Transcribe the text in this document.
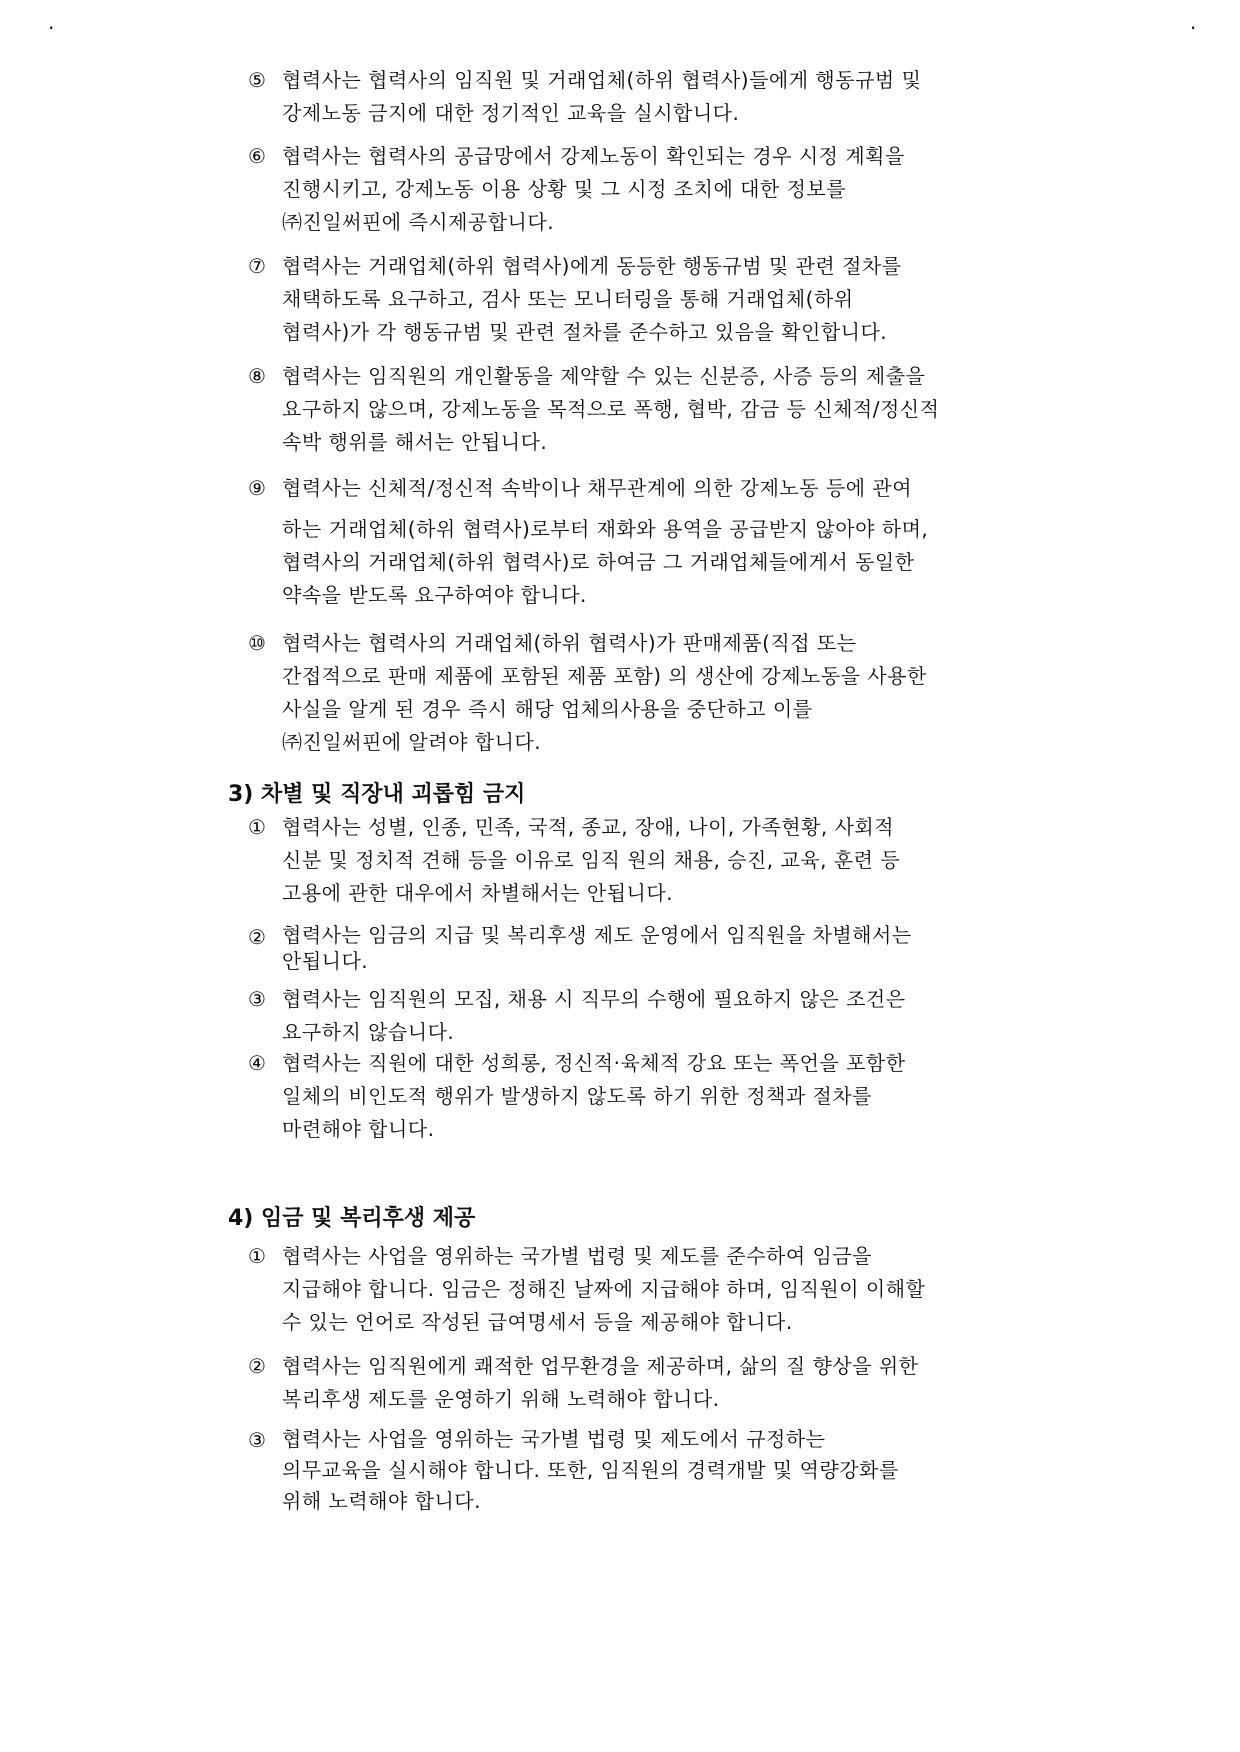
.	.
⑤ 협력사는 협력사의 임직원 및 거래업체(하위 협력사)들에게 행동규범 및
강제노동 금지에 대한 정기적인 교육을 실시합니다.
⑥ 협력사는 협력사의 공급망에서 강제노동이 확인되는 경우 시정 계획을
진행시키고, 강제노동 이용 상황 및 그 시정 조치에 대한 정보를
㈜진일써핀에 즉시제공합니다.
⑦ 협력사는 거래업체(하위 협력사)에게 동등한 행동규범 및 관련 절차를
채택하도록 요구하고, 검사 또는 모니터링을 통해 거래업체(하위
협력사)가 각 행동규범 및 관련 절차를 준수하고 있음을 확인합니다.
⑧ 협력사는 임직원의 개인활동을 제약할 수 있는 신분증, 사증 등의 제출을
요구하지 않으며, 강제노동을 목적으로 폭행, 협박, 감금 등 신체적/정신적
속박 행위를 해서는 안됩니다.
⑨ 협력사는 신체적/정신적 속박이나 채무관계에 의한 강제노동 등에 관여
하는 거래업체(하위 협력사)로부터 재화와 용역을 공급받지 않아야 하며,
협력사의 거래업체(하위 협력사)로 하여금 그 거래업체들에게서 동일한
약속을 받도록 요구하여야 합니다.
⑩ 협력사는 협력사의 거래업체(하위 협력사)가 판매제품(직접 또는
간접적으로 판매 제품에 포함된 제품 포함) 의 생산에 강제노동을 사용한
사실을 알게 된 경우 즉시 해당 업체의사용을 중단하고 이를
㈜진일써핀에 알려야 합니다.
3) 차별 및 직장내 괴롭힘 금지
① 협력사는 성별, 인종, 민족, 국적, 종교, 장애, 나이, 가족현황, 사회적
신분 및 정치적 견해 등을 이유로 임직 원의 채용, 승진, 교육, 훈련 등
고용에 관한 대우에서 차별해서는 안됩니다.
② 협력사는 임금의 지급 및 복리후생 제도 운영에서 임직원을 차별해서는
안됩니다.
③ 협력사는 임직원의 모집, 채용 시 직무의 수행에 필요하지 않은 조건은
요구하지 않습니다.
④ 협력사는 직원에 대한 성희롱, 정신적·육체적 강요 또는 폭언을 포함한
일체의 비인도적 행위가 발생하지 않도록 하기 위한 정책과 절차를
마련해야 합니다.
4) 임금 및 복리후생 제공
① 협력사는 사업을 영위하는 국가별 법령 및 제도를 준수하여 임금을
지급해야 합니다. 임금은 정해진 날짜에 지급해야 하며, 임직원이 이해할
수 있는 언어로 작성된 급여명세서 등을 제공해야 합니다.
② 협력사는 임직원에게 쾌적한 업무환경을 제공하며, 삶의 질 향상을 위한
복리후생 제도를 운영하기 위해 노력해야 합니다.
③ 협력사는 사업을 영위하는 국가별 법령 및 제도에서 규정하는
의무교육을 실시해야 합니다. 또한, 임직원의 경력개발 및 역량강화를
위해 노력해야 합니다.
